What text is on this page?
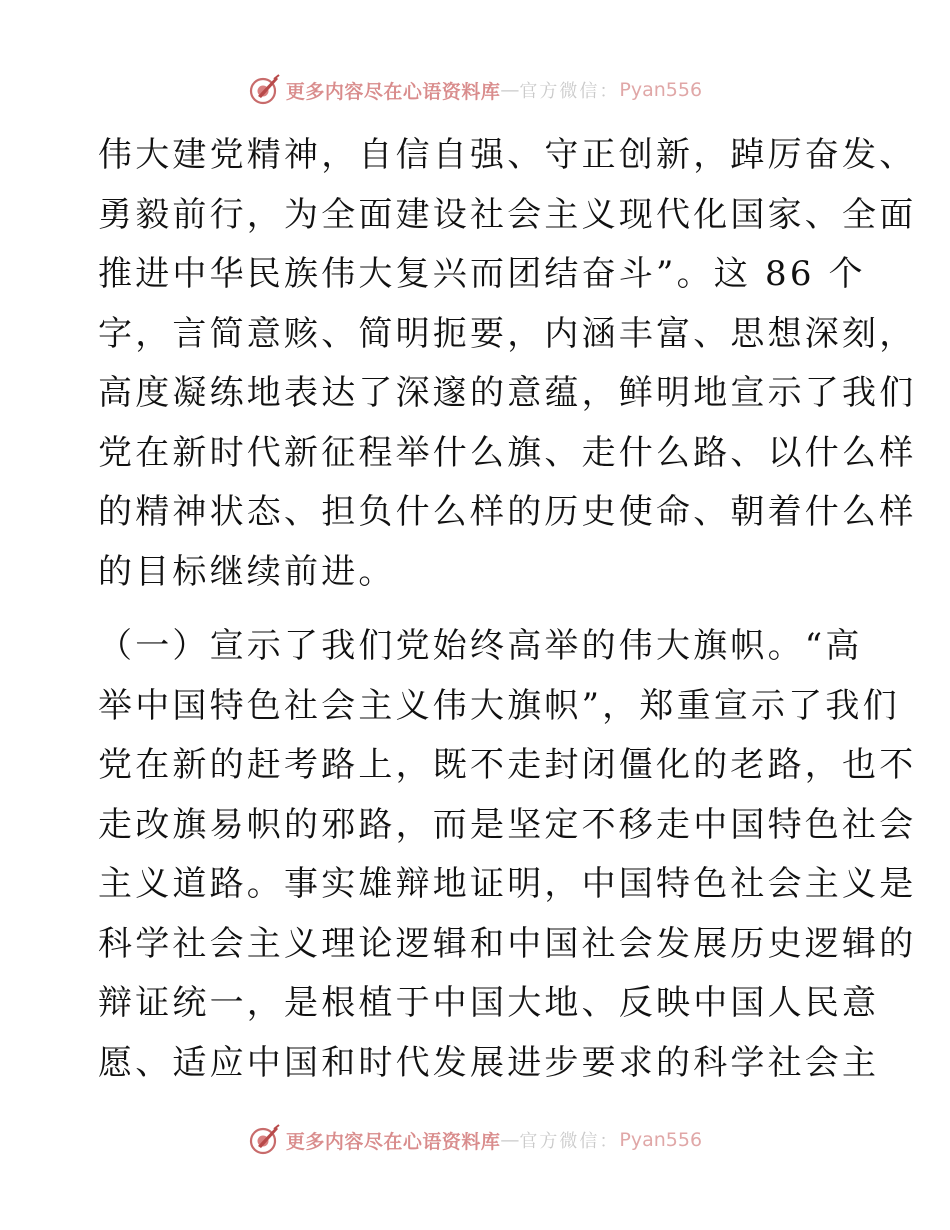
更多内容尽在心语资料库 — 官方微信： Pyan556
伟大建党精神，自信自强、守正创新，踔厉奋发、
勇毅前行，为全面建设社会主义现代化国家、全面
推进中华民族伟大复兴而团结奋斗”。这 86 个
字，言简意赅、简明扼要，内涵丰富、思想深刻，
高度凝练地表达了深邃的意蕴，鲜明地宣示了我们
党在新时代新征程举什么旗、走什么路、以什么样
的精神状态、担负什么样的历史使命、朝着什么样
的目标继续前进。
（一）宣示了我们党始终高举的伟大旗帜。“高
举中国特色社会主义伟大旗帜”，郑重宣示了我们
党在新的赶考路上，既不走封闭僵化的老路，也不
走改旗易帜的邪路，而是坚定不移走中国特色社会
主义道路。事实雄辩地证明，中国特色社会主义是
科学社会主义理论逻辑和中国社会发展历史逻辑的
辩证统一，是根植于中国大地、反映中国人民意
愿、适应中国和时代发展进步要求的科学社会主
更多内容尽在心语资料库 — 官方微信： Pyan556
